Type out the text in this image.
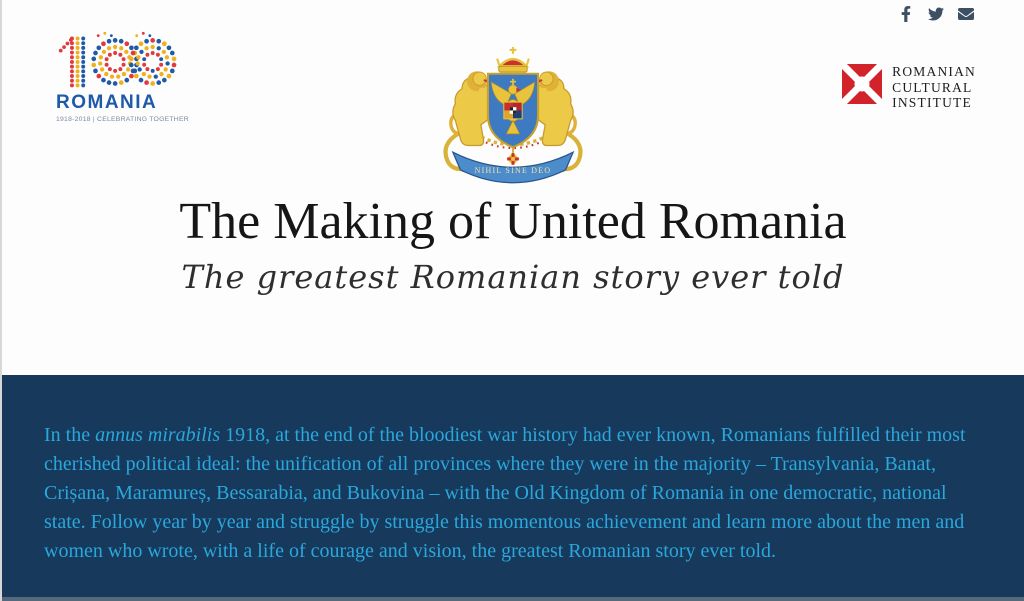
ROMANIA
1918-2018 | CELEBRATING TOGETHER
NIHIL SINE DEO
ROMANIAN
CULTURAL
INSTITUTE
The Making of United Romania
The greatest Romanian story ever told

In the annus mirabilis 1918, at the end of the bloodiest war history had ever known, Romanians fulfilled their most cherished political ideal: the unification of all provinces where they were in the majority – Transylvania, Banat, Crișana, Maramureș, Bessarabia, and Bukovina – with the Old Kingdom of Romania in one democratic, national state. Follow year by year and struggle by struggle this momentous achievement and learn more about the men and women who wrote, with a life of courage and vision, the greatest Romanian story ever told.
